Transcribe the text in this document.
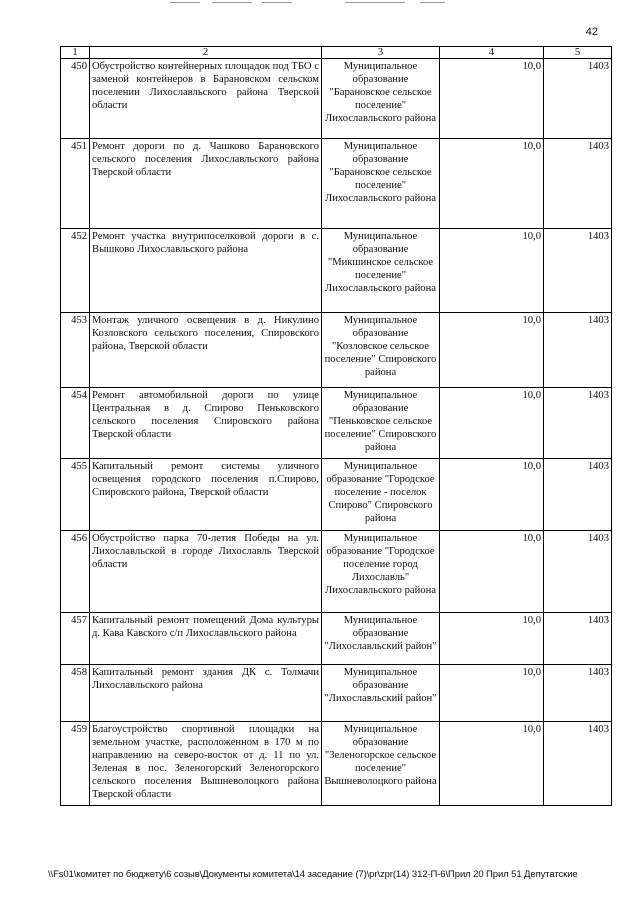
42
1	2	3	4	5
450	Обустройство контейнерных площадок под ТБО с заменой контейнеров в Барановском сельском поселении Лихославльского района Тверской области	Муниципальное образование "Барановское сельское поселение" Лихославльского района	10,0	1403
451	Ремонт дороги по д. Чашково Барановского сельского поселения Лихославльского района Тверской области	Муниципальное образование "Барановское сельское поселение" Лихославльского района	10,0	1403
452	Ремонт участка внутрипоселковой дороги в с. Вышково Лихославльского района	Муниципальное образование "Микшинское сельское поселение" Лихославльского района	10,0	1403
453	Монтаж уличного освещения в д. Никулино Козловского сельского поселения, Спировского района, Тверской области	Муниципальное образование "Козловское сельское поселение" Спировского района	10,0	1403
454	Ремонт автомобильной дороги по улице Центральная в д. Спирово Пеньковского сельского поселения Спировского района Тверской области	Муниципальное образование "Пеньковское сельское поселение" Спировского района	10,0	1403
455	Капитальный ремонт системы уличного освещения городского поселения п.Спирово, Спировского района, Тверской области	Муниципальное образование "Городское поселение - поселок Спирово" Спировского района	10,0	1403
456	Обустройство парка 70-летия Победы на ул. Лихославльской в городе Лихославль Тверской области	Муниципальное образование "Городское поселение город Лихославль" Лихославльского района	10,0	1403
457	Капитальный ремонт помещений Дома культуры д. Кава Кавского с/п Лихославльского района	Муниципальное образование "Лихославльский район"	10,0	1403
458	Капитальный ремонт здания ДК с. Толмачи Лихославльского района	Муниципальное образование "Лихославльский район"	10,0	1403
459	Благоустройство спортивной площадки на земельном участке, расположенном в 170 м по направлению на северо-восток от д. 11 по ул. Зеленая в пос. Зеленогорский Зеленогорского сельского поселения Вышневолоцкого района Тверской области	Муниципальное образование "Зеленогорское сельское поселение" Вышневолоцкого района	10,0	1403
\\Fs01\комитет по бюджету\6 созыв\Документы комитета\14 заседание (7)\pr\zpr(14) 312-П-6\Прил 20 Прил 51 Депутатские
